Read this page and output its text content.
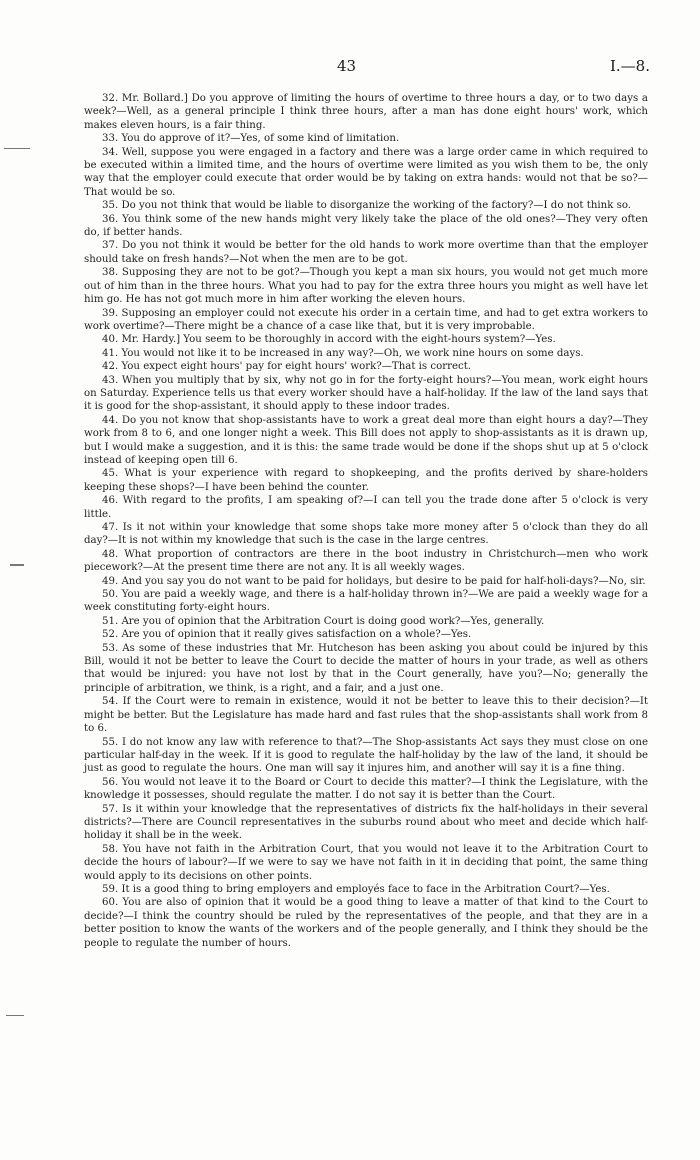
43	I.—8.

32. Mr. Bollard.] Do you approve of limiting the hours of overtime to three hours a day, or to two days a week?—Well, as a general principle I think three hours, after a man has done eight hours' work, which makes eleven hours, is a fair thing.

33. You do approve of it?—Yes, of some kind of limitation.

34. Well, suppose you were engaged in a factory and there was a large order came in which required to be executed within a limited time, and the hours of overtime were limited as you wish them to be, the only way that the employer could execute that order would be by taking on extra hands: would not that be so?—That would be so.

35. Do you not think that would be liable to disorganize the working of the factory?—I do not think so.

36. You think some of the new hands might very likely take the place of the old ones?—They very often do, if better hands.

37. Do you not think it would be better for the old hands to work more overtime than that the employer should take on fresh hands?—Not when the men are to be got.

38. Supposing they are not to be got?—Though you kept a man six hours, you would not get much more out of him than in the three hours. What you had to pay for the extra three hours you might as well have let him go. He has not got much more in him after working the eleven hours.

39. Supposing an employer could not execute his order in a certain time, and had to get extra workers to work overtime?—There might be a chance of a case like that, but it is very improbable.

40. Mr. Hardy.] You seem to be thoroughly in accord with the eight-hours system?—Yes.

41. You would not like it to be increased in any way?—Oh, we work nine hours on some days.

42. You expect eight hours' pay for eight hours' work?—That is correct.

43. When you multiply that by six, why not go in for the forty-eight hours?—You mean, work eight hours on Saturday. Experience tells us that every worker should have a half-holiday. If the law of the land says that it is good for the shop-assistant, it should apply to these indoor trades.

44. Do you not know that shop-assistants have to work a great deal more than eight hours a day?—They work from 8 to 6, and one longer night a week. This Bill does not apply to shop-assistants as it is drawn up, but I would make a suggestion, and it is this: the same trade would be done if the shops shut up at 5 o'clock instead of keeping open till 6.

45. What is your experience with regard to shopkeeping, and the profits derived by share-holders keeping these shops?—I have been behind the counter.

46. With regard to the profits, I am speaking of?—I can tell you the trade done after 5 o'clock is very little.

47. Is it not within your knowledge that some shops take more money after 5 o'clock than they do all day?—It is not within my knowledge that such is the case in the large centres.

48. What proportion of contractors are there in the boot industry in Christchurch—men who work piecework?—At the present time there are not any. It is all weekly wages.

49. And you say you do not want to be paid for holidays, but desire to be paid for half-holi-days?—No, sir.

50. You are paid a weekly wage, and there is a half-holiday thrown in?—We are paid a weekly wage for a week constituting forty-eight hours.

51. Are you of opinion that the Arbitration Court is doing good work?—Yes, generally.

52. Are you of opinion that it really gives satisfaction on a whole?—Yes.

53. As some of these industries that Mr. Hutcheson has been asking you about could be injured by this Bill, would it not be better to leave the Court to decide the matter of hours in your trade, as well as others that would be injured: you have not lost by that in the Court generally, have you?—No; generally the principle of arbitration, we think, is a right, and a fair, and a just one.

54. If the Court were to remain in existence, would it not be better to leave this to their decision?—It might be better. But the Legislature has made hard and fast rules that the shop-assistants shall work from 8 to 6.

55. I do not know any law with reference to that?—The Shop-assistants Act says they must close on one particular half-day in the week. If it is good to regulate the half-holiday by the law of the land, it should be just as good to regulate the hours. One man will say it injures him, and another will say it is a fine thing.

56. You would not leave it to the Board or Court to decide this matter?—I think the Legislature, with the knowledge it possesses, should regulate the matter. I do not say it is better than the Court.

57. Is it within your knowledge that the representatives of districts fix the half-holidays in their several districts?—There are Council representatives in the suburbs round about who meet and decide which half-holiday it shall be in the week.

58. You have not faith in the Arbitration Court, that you would not leave it to the Arbitration Court to decide the hours of labour?—If we were to say we have not faith in it in deciding that point, the same thing would apply to its decisions on other points.

59. It is a good thing to bring employers and employés face to face in the Arbitration Court?—Yes.

60. You are also of opinion that it would be a good thing to leave a matter of that kind to the Court to decide?—I think the country should be ruled by the representatives of the people, and that they are in a better position to know the wants of the workers and of the people generally, and I think they should be the people to regulate the number of hours.
